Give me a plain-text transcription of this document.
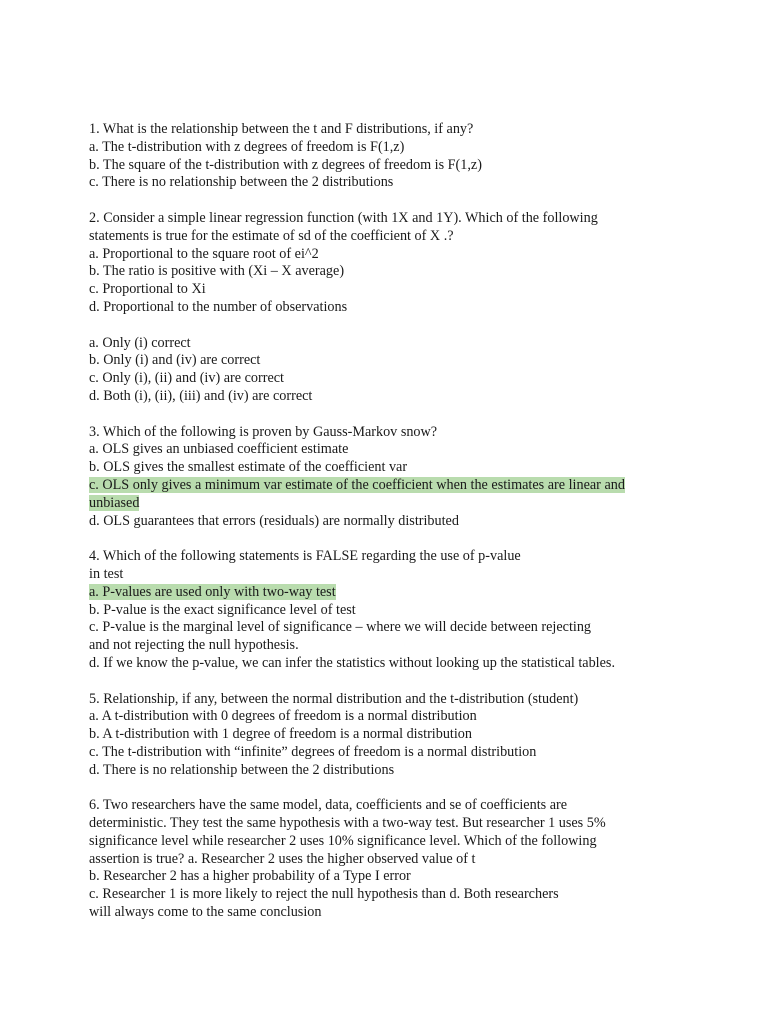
1. What is the relationship between the t and F distributions, if any?
a. The t-distribution with z degrees of freedom is F(1,z)
b. The square of the t-distribution with z degrees of freedom is F(1,z)
c. There is no relationship between the 2 distributions
2. Consider a simple linear regression function (with 1X and 1Y). Which of the following
statements is true for the estimate of sd of the coefficient of X .?
a. Proportional to the square root of ei^2
b. The ratio is positive with (Xi – X average)
c. Proportional to Xi
d. Proportional to the number of observations
a. Only (i) correct
b. Only (i) and (iv) are correct
c. Only (i), (ii) and (iv) are correct
d. Both (i), (ii), (iii) and (iv) are correct
3. Which of the following is proven by Gauss-Markov snow?
a. OLS gives an unbiased coefficient estimate
b. OLS gives the smallest estimate of the coefficient var
c. OLS only gives a minimum var estimate of the coefficient when the estimates are linear and
unbiased
d. OLS guarantees that errors (residuals) are normally distributed
4. Which of the following statements is FALSE regarding the use of p-value
in test
a. P-values are used only with two-way test
b. P-value is the exact significance level of test
c. P-value is the marginal level of significance – where we will decide between rejecting
and not rejecting the null hypothesis.
d. If we know the p-value, we can infer the statistics without looking up the statistical tables.
5. Relationship, if any, between the normal distribution and the t-distribution (student)
a. A t-distribution with 0 degrees of freedom is a normal distribution
b. A t-distribution with 1 degree of freedom is a normal distribution
c. The t-distribution with “infinite” degrees of freedom is a normal distribution
d. There is no relationship between the 2 distributions
6. Two researchers have the same model, data, coefficients and se of coefficients are
deterministic. They test the same hypothesis with a two-way test. But researcher 1 uses 5%
significance level while researcher 2 uses 10% significance level. Which of the following
assertion is true? a. Researcher 2 uses the higher observed value of t
b. Researcher 2 has a higher probability of a Type I error
c. Researcher 1 is more likely to reject the null hypothesis than d. Both researchers
will always come to the same conclusion
